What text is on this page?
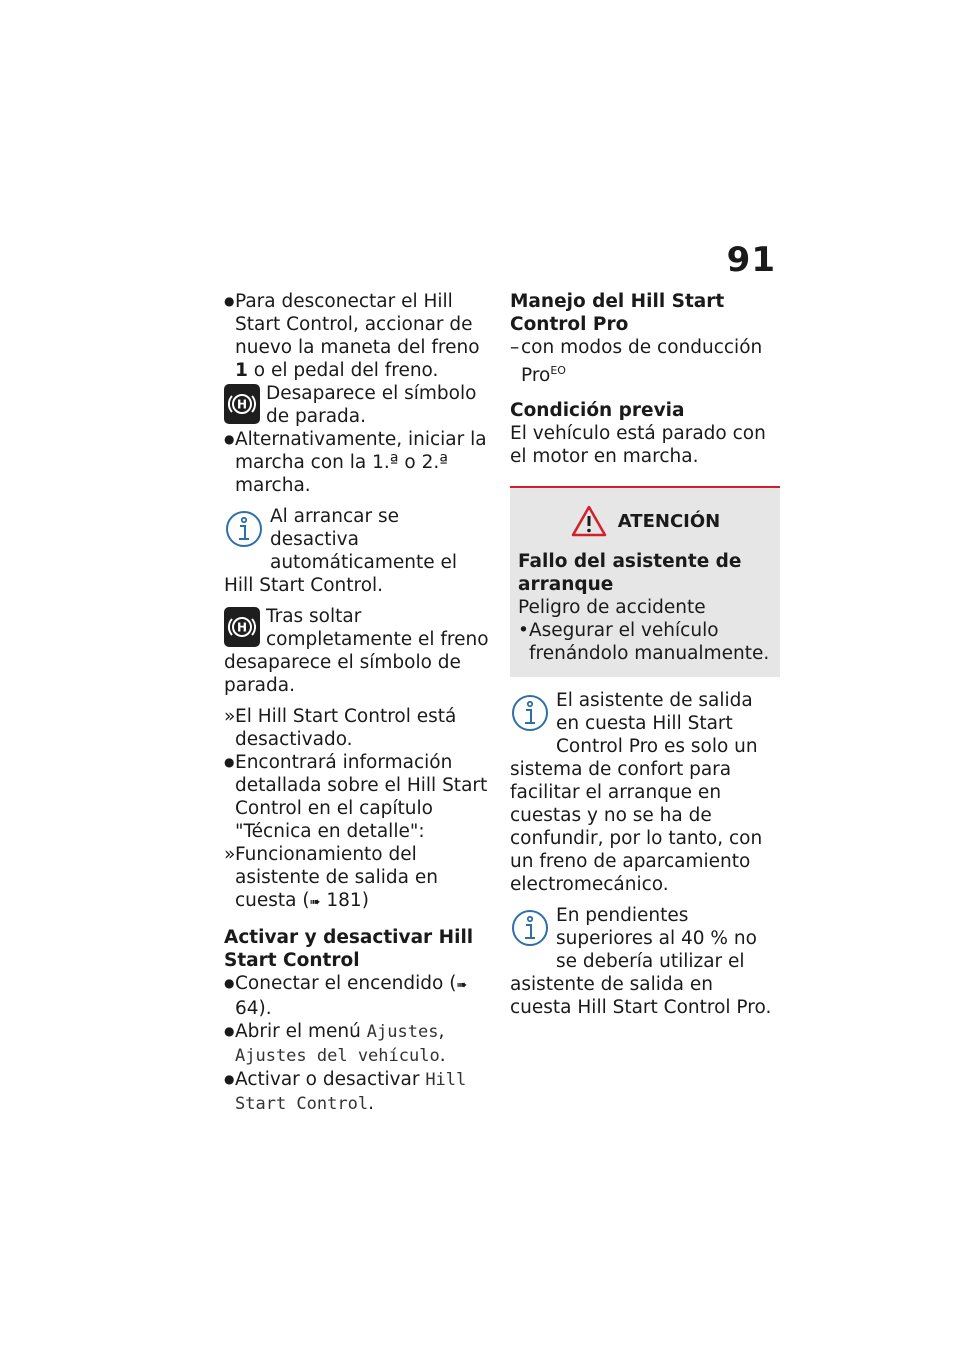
91
● Para desconectar el Hill Start Control, accionar de nuevo la maneta del freno 1 o el pedal del freno.
H

Desaparece el símbolo de parada.

● Alternativamente, iniciar la marcha con la 1.ª o 2.ª marcha.

Al arrancar se desactiva automáticamente el Hill Start Control.

H

Tras soltar completamente el freno desaparece el símbolo de parada.

» El Hill Start Control está desactivado.
● Encontrará información detallada sobre el Hill Start Control en el capítulo "Técnica en detalle":
» Funcionamiento del asistente de salida en cuesta (➠ 181)

Activar y desactivar Hill Start Control

● Conectar el encendido (➠ 64).
● Abrir el menú Ajustes, Ajustes del vehículo.
● Activar o desactivar Hill Start Control.

Manejo del Hill Start Control Pro

– con modos de conducción Pro$^{EO}$

Condición previa

El vehículo está parado con el motor en marcha.

ATENCIÓN

Fallo del asistente de arranque

Peligro de accidente

• Asegurar el vehículo frenándolo manualmente.

El asistente de salida en cuesta Hill Start Control Pro es solo un sistema de confort para facilitar el arranque en cuestas y no se ha de confundir, por lo tanto, con un freno de aparcamiento electromecánico.

En pendientes superiores al 40 % no se debería utilizar el asistente de salida en cuesta Hill Start Control Pro.
